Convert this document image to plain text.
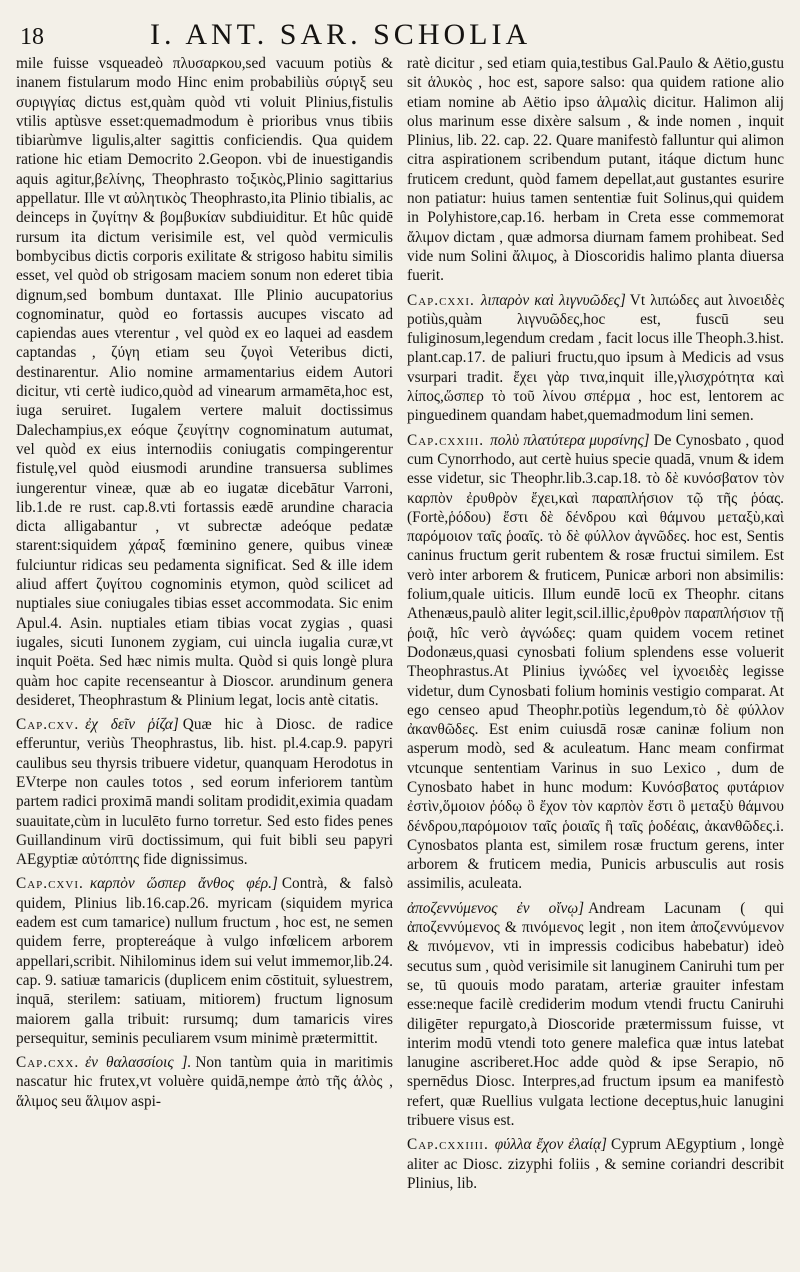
18	I. ANT. SAR. SCHOLIA

mile fuisse vsqueadeò πλυσαρκου,sed vacuum potiùs & inanem fistularum modo Hinc enim probabiliùs σύριγξ seu συριγγίας dictus est,quàm quòd vti voluit Plinius,fistulis vtilis aptùsve esset:quemadmodum è prioribus vnus tibiis tibiarùmve ligulis,alter sagittis conficiendis. Qua quidem ratione hic etiam Democrito 2.Geopon. vbi de inuestigandis aquis agitur,βελίνης, Theophrasto τοξικὸς,Plinio sagittarius appellatur. Ille vt αὐλητικὸς Theophrasto,ita Plinio tibialis, ac deinceps in ζυγίτην & βομβυκίαν subdiuiditur. Et hûc quidē rursum ita dictum verisimile est, vel quòd vermiculis bombycibus dictis corporis exilitate & strigoso habitu similis esset, vel quòd ob strigosam maciem sonum non ederet tibia dignum,sed bombum duntaxat. Ille Plinio aucupatorius cognominatur, quòd eo fortassis aucupes viscato ad capiendas aues vterentur , vel quòd ex eo laquei ad easdem captandas , ζύγη etiam seu ζυγοὶ Veteribus dicti, destinarentur. Alio nomine armamentarius eidem Autori dicitur, vti certè iudico,quòd ad vinearum armamēta,hoc est, iuga seruiret. Iugalem vertere maluit doctissimus Dalechampius,ex eóque ζευγίτην cognominatum autumat, vel quòd ex eius internodiis coniugatis compingerentur fistulę,vel quòd eiusmodi arundine transuersa sublimes iungerentur vineæ, quæ ab eo iugatæ dicebātur Varroni, lib.1.de re rust. cap.8.vti fortassis eædē arundine characia dicta alligabantur , vt subrectæ adeóque pedatæ starent:siquidem χάραξ fœminino genere, quibus vineæ fulciuntur ridicas seu pedamenta significat. Sed & ille idem aliud affert ζυγίτου cognominis etymon, quòd scilicet ad nuptiales siue coniugales tibias esset accommodata. Sic enim Apul.4. Asin. nuptiales etiam tibias vocat zygias , quasi iugales, sicuti Iunonem zygiam, cui uincla iugalia curæ,vt inquit Poëta. Sed hæc nimis multa. Quòd si quis longè plura quàm hoc capite recenseantur à Dioscor. arundinum genera desideret, Theophrastum & Plinium legat, locis antè citatis.

Cap.cxv. ἐχ δεῖν ῥίζα] Quæ hic à Diosc. de radice efferuntur, veriùs Theophrastus, lib. hist. pl.4.cap.9. papyri caulibus seu thyrsis tribuere videtur, quanquam Herodotus in EVterpe non caules totos , sed eorum inferiorem tantùm partem radici proximā mandi solitam prodidit,eximia quadam suauitate,cùm in luculēto furno torretur. Sed esto fides penes Guillandinum virū doctissimum, qui fuit bibli seu papyri AEgyptiæ αὐτόπτης fide dignissimus.

Cap.cxvi. καρπὸν ὥσπερ ἄνθος φέρ.] Contrà, & falsò quidem, Plinius lib.16.cap.26. myricam (siquidem myrica eadem est cum tamarice) nullum fructum , hoc est, ne semen quidem ferre, proptereáque à vulgo infœlicem arborem appellari,scribit. Nihilominus idem sui velut immemor,lib.24. cap. 9. satiuæ tamaricis (duplicem enim cōstituit, syluestrem, inquā, sterilem: satiuam, mitiorem) fructum lignosum maiorem galla tribuit: rursumq; dum tamaricis vires persequitur, seminis peculiarem vsum minimè prætermittit.

Cap.cxx. ἐν θαλασσίοις ]. Non tantùm quia in maritimis nascatur hic frutex,vt voluère quidā,nempe ἀπὸ τῆς ἁλὸς , ἅλιμος seu ἅλιμον aspi-

ratè dicitur , sed etiam quia,testibus Gal.Paulo & Aëtio,gustu sit ἁλυκὸς , hoc est, sapore salso: qua quidem ratione alio etiam nomine ab Aëtio ipso ἁλμαλὶς dicitur. Halimon alij olus marinum esse dixère salsum , & inde nomen , inquit Plinius, lib. 22. cap. 22. Quare manifestò falluntur qui alimon citra aspirationem scribendum putant, itáque dictum hunc fruticem credunt, quòd famem depellat,aut gustantes esurire non patiatur: huius tamen sententiæ fuit Solinus,qui quidem in Polyhistore,cap.16. herbam in Creta esse commemorat ἄλιμον dictam , quæ admorsa diurnam famem prohibeat. Sed vide num Solini ἄλιμος, à Dioscoridis halimo planta diuersa fuerit.

Cap.cxxi. λιπαρὸν καὶ λιγνυῶδες] Vt λιπώδες aut λινοειδὲς potiùs,quàm λιγνυῶδες,hoc est, fuscū seu fuliginosum,legendum credam , facit locus ille Theoph.3.hist. plant.cap.17. de paliuri fructu,quo ipsum à Medicis ad vsus vsurpari tradit. ἔχει γὰρ τινα,inquit ille,γλισχρότητα καὶ λίπος,ὥσπερ τὸ τοῦ λίνου σπέρμα , hoc est, lentorem ac pinguedinem quandam habet,quemadmodum lini semen.

Cap.cxxiii. πολὺ πλατύτερα μυρσίνης] De Cynosbato , quod cum Cynorrhodo, aut certè huius specie quadā, vnum & idem esse videtur, sic Theophr.lib.3.cap.18. τὸ δὲ κυνόσβατον τὸν καρπὸν ἐρυθρὸν ἔχει,καὶ παραπλήσιον τῷ τῆς ῥόας.(Fortè,ῥόδου) ἔστι δὲ δένδρου καὶ θάμνου μεταξὺ,καὶ παρόμοιον ταῖς ῥοαῖς. τὸ δὲ φύλλον ἀγνῶδες. hoc est, Sentis caninus fructum gerit rubentem & rosæ fructui similem. Est verò inter arborem & fruticem, Punicæ arbori non absimilis: folium,quale uiticis. Illum eundē locū ex Theophr. citans Athenæus,paulò aliter legit,scil.illic,ἐρυθρὸν παραπλήσιον τῇ ῥοιᾷ, hîc verò ἀγνώδες: quam quidem vocem retinet Dodonæus,quasi cynosbati folium splendens esse voluerit Theophrastus.At Plinius ἰχνώδες vel ἰχνοειδὲς legisse videtur, dum Cynosbati folium hominis vestigio comparat. At ego censeo apud Theophr.potiùs legendum,τὸ δὲ φύλλον ἀκανθῶδες. Est enim cuiusdā rosæ caninæ folium non asperum modò, sed & aculeatum. Hanc meam confirmat vtcunque sententiam Varinus in suo Lexico , dum de Cynosbato habet in hunc modum: Κυνόσβατος φυτάριον ἐστὶν,ὅμοιον ῥόδῳ ὃ ἔχον τὸν καρπὸν ἔστι ὃ μεταξὺ θάμνου δένδρου,παρόμοιον ταῖς ῥοιαῖς ἢ ταῖς ῥοδέαις, ἀκανθῶδες.i. Cynosbatos planta est, similem rosæ fructum gerens, inter arborem & fruticem media, Punicis arbusculis aut rosis assimilis, aculeata.

ἀποζεννύμενος ἐν οἴνῳ] Andream Lacunam ( qui ἀποζεννύμενος & πινόμενος legit , non item ἀποζεννύμενον & πινόμενον, vti in impressis codicibus habebatur) ideò secutus sum , quòd verisimile sit lanuginem Caniruhi tum per se, tū quouis modo paratam, arteriæ grauiter infestam esse:neque facilè crediderim modum vtendi fructu Caniruhi diligēter repurgato,à Dioscoride prætermissum fuisse, vt interim modū vtendi toto genere malefica quæ intus latebat lanugine ascriberet.Hoc adde quòd & ipse Serapio, nō spernēdus Diosc. Interpres,ad fructum ipsum ea manifestò refert, quæ Ruellius vulgata lectione deceptus,huic lanugini tribuere visus est.

Cap.cxxiiii. φύλλα ἔχον ἐλαίᾳ] Cyprum AEgyptium , longè aliter ac Diosc. zizyphi foliis , & semine coriandri describit Plinius, lib.
